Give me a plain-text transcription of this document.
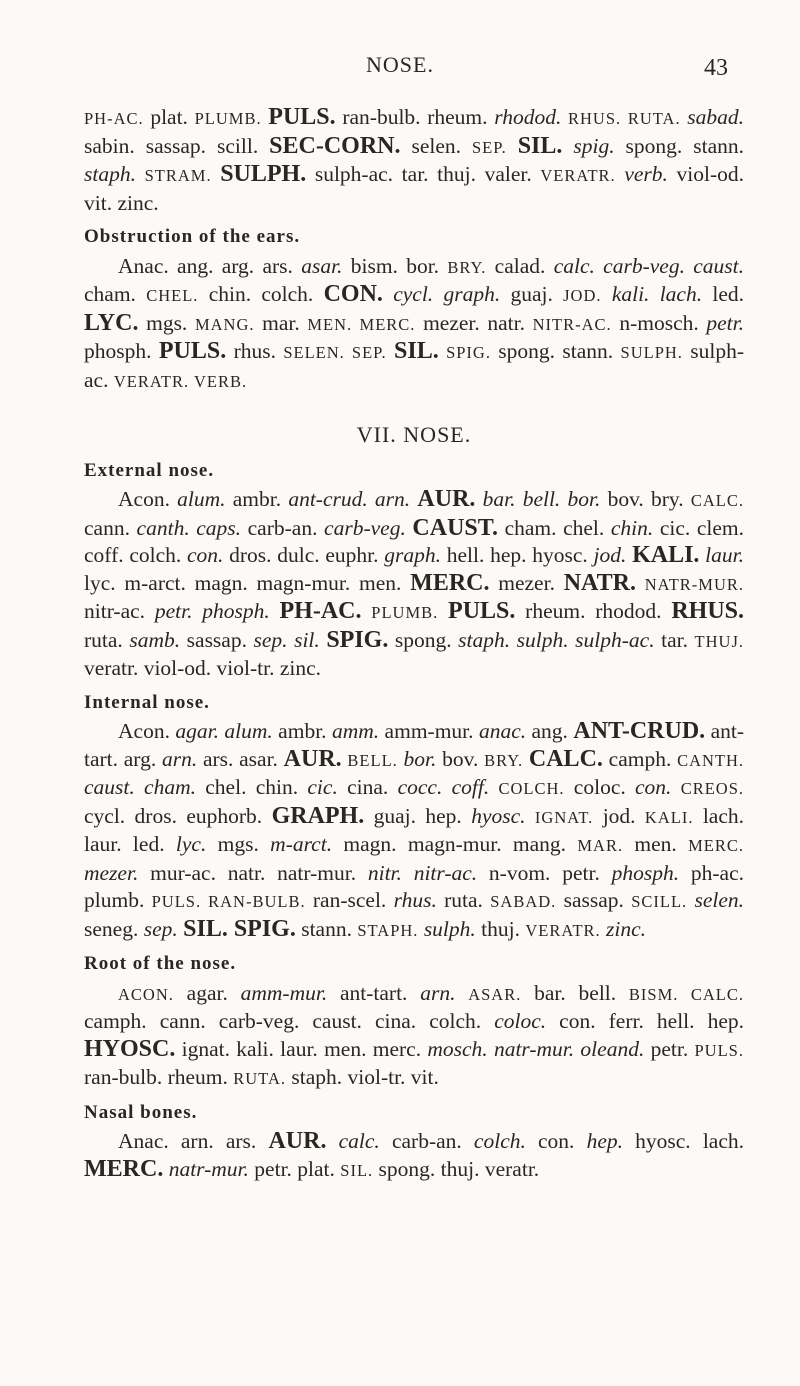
NOSE.	43

PH-AC. plat. PLUMB. PULS. ran-bulb. rheum. rhodod. RHUS. RUTA. sabad. sabin. sassap. scill. SEC-CORN. selen. SEP. SIL. spig. spong. stann. staph. STRAM. SULPH. sulph-ac. tar. thuj. valer. VERATR. verb. viol-od. vit. zinc.

Obstruction of the ears.

Anac. ang. arg. ars. asar. bism. bor. BRY. calad. calc. carb-veg. caust. cham. CHEL. chin. colch. CON. cycl. graph. guaj. JOD. kali. lach. led. LYC. mgs. MANG. mar. MEN. MERC. mezer. natr. NITR-AC. n-mosch. petr. phosph. PULS. rhus. SELEN. SEP. SIL. SPIG. spong. stann. SULPH. sulph-ac. VERATR. VERB.

VII. NOSE.
External nose.

Acon. alum. ambr. ant-crud. arn. AUR. bar. bell. bor. bov. bry. CALC. cann. canth. caps. carb-an. carb-veg. CAUST. cham. chel. chin. cic. clem. coff. colch. con. dros. dulc. euphr. graph. hell. hep. hyosc. jod. KALI. laur. lyc. m-arct. magn. magn-mur. men. MERC. mezer. NATR. NATR-MUR. nitr-ac. petr. phosph. PH-AC. PLUMB. PULS. rheum. rhodod. RHUS. ruta. samb. sassap. sep. sil. SPIG. spong. staph. sulph. sulph-ac. tar. THUJ. veratr. viol-od. viol-tr. zinc.

Internal nose.

Acon. agar. alum. ambr. amm. amm-mur. anac. ang. ANT-CRUD. ant-tart. arg. arn. ars. asar. AUR. BELL. bor. bov. BRY. CALC. camph. CANTH. caust. cham. chel. chin. cic. cina. cocc. coff. COLCH. coloc. con. CREOS. cycl. dros. euphorb. GRAPH. guaj. hep. hyosc. IGNAT. jod. KALI. lach. laur. led. lyc. mgs. m-arct. magn. magn-mur. mang. MAR. men. MERC. mezer. mur-ac. natr. natr-mur. nitr. nitr-ac. n-vom. petr. phosph. ph-ac. plumb. PULS. RAN-BULB. ran-scel. rhus. ruta. SABAD. sassap. SCILL. selen. seneg. sep. SIL. SPIG. stann. STAPH. sulph. thuj. VERATR. zinc.

Root of the nose.

ACON. agar. amm-mur. ant-tart. arn. ASAR. bar. bell. BISM. CALC. camph. cann. carb-veg. caust. cina. colch. coloc. con. ferr. hell. hep. HYOSC. ignat. kali. laur. men. merc. mosch. natr-mur. oleand. petr. PULS. ran-bulb. rheum. RUTA. staph. viol-tr. vit.

Nasal bones.

Anac. arn. ars. AUR. calc. carb-an. colch. con. hep. hyosc. lach. MERC. natr-mur. petr. plat. SIL. spong. thuj. veratr.
